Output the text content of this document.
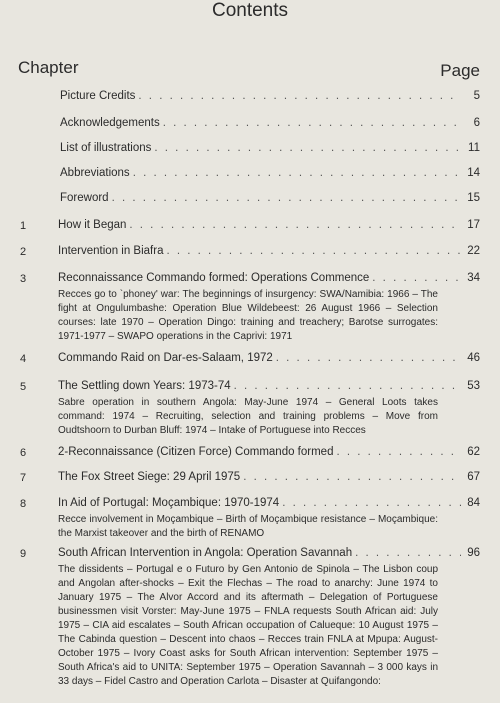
Contents
Chapter	Page
Picture Credits . . .	5
Acknowledgements . . .	6
List of illustrations . . .	11
Abbreviations . . .	14
Foreword . . .	15
1	How it Began . . .	17
2	Intervention in Biafra . . .	22
3	Reconnaissance Commando formed: Operations Commence . . .	34
Recces go to `phoney' war: The beginnings of insurgency: SWA/Namibia: 1966 – The fight at Ongulumbashe: Operation Blue Wildebeest: 26 August 1966 – Selection courses: late 1970 – Operation Dingo: training and treachery; Barotse surrogates: 1971-1977 – SWAPO operations in the Caprivi: 1971
4	Commando Raid on Dar-es-Salaam, 1972 . . .	46
5	The Settling down Years: 1973-74 . . .	53
Sabre operation in southern Angola: May-June 1974 – General Loots takes command: 1974 – Recruiting, selection and training problems – Move from Oudtshoorn to Durban Bluff: 1974 – Intake of Portuguese into Recces
6	2-Reconnaissance (Citizen Force) Commando formed . . .	62
7	The Fox Street Siege: 29 April 1975 . . .	67
8	In Aid of Portugal: Moçambique: 1970-1974 . . .	84
Recce involvement in Moçambique – Birth of Moçambique resistance – Moçambique: the Marxist takeover and the birth of RENAMO
9	South African Intervention in Angola: Operation Savannah . . .	96
The dissidents – Portugal e o Futuro by Gen Antonio de Spinola – The Lisbon coup and Angolan after-shocks – Exit the Flechas – The road to anarchy: June 1974 to January 1975 – The Alvor Accord and its aftermath – Delegation of Portuguese businessmen visit Vorster: May-June 1975 – FNLA requests South African aid: July 1975 – CIA aid escalates – South African occupation of Calueque: 10 August 1975 – The Cabinda question – Descent into chaos – Recces train FNLA at Mpupa: August-October 1975 – Ivory Coast asks for South African intervention: September 1975 – South Africa's aid to UNITA: September 1975 – Operation Savannah – 3 000 kays in 33 days – Fidel Castro and Operation Carlota – Disaster at Quifangondo:
